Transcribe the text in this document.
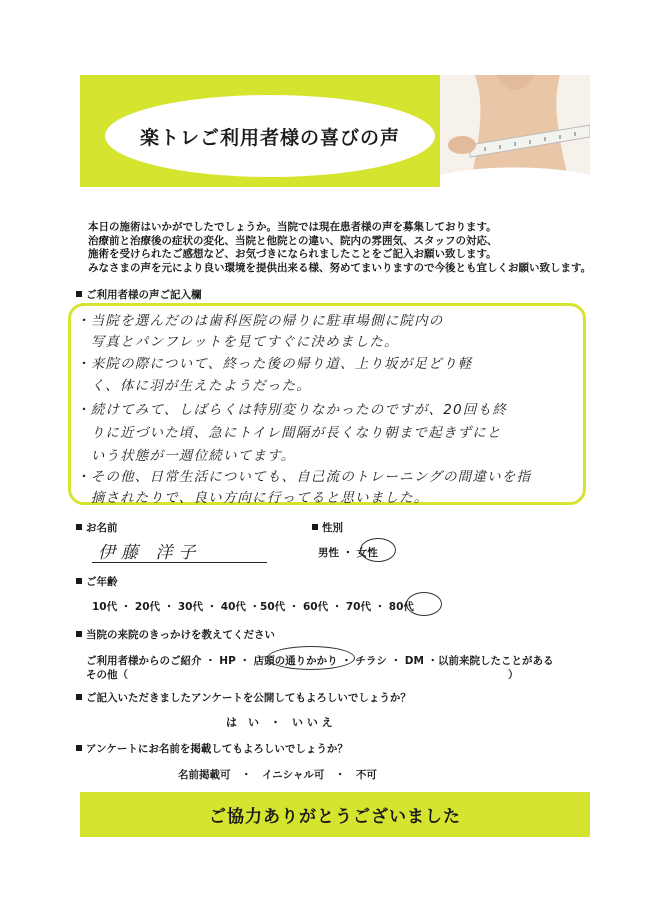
楽トレご利用者様の喜びの声
本日の施術はいかがでしたでしょうか。当院では現在患者様の声を募集しております。
治療前と治療後の症状の変化、当院と他院との違い、院内の雰囲気、スタッフの対応、
施術を受けられたご感想など、お気づきになられましたことをご記入お願い致します。
みなさまの声を元により良い環境を提供出来る様、努めてまいりますので今後とも宜しくお願い致します。
ご利用者様の声ご記入欄
・当院を選んだのは歯科医院の帰りに駐車場側に院内の
　写真とパンフレットを見てすぐに決めました。
・来院の際について、終った後の帰り道、上り坂が足どり軽
　く、体に羽が生えたようだった。
・続けてみて、しばらくは特別変りなかったのですが、20回も終
　りに近づいた頃、急にトイレ間隔が長くなり朝まで起きずにと
　いう状態が一週位続いてます。
・その他、日常生活についても、自己流のトレーニングの間違いを指
　摘されたりで、良い方向に行ってると思いました。
お名前
伊藤 洋子
性別
男性 ・ 女性
ご年齢
10代 ・ 20代 ・ 30代 ・ 40代 ・50代 ・ 60代 ・ 70代 ・ 80代
当院の来院のきっかけを教えてください
ご利用者様からのご紹介 ・ HP ・ 店頭の通りかかり ・ チラシ ・ DM ・以前来院したことがある
その他（	）
ご記入いただきましたアンケートを公開してもよろしいでしょうか？
は　い　・　い い え
アンケートにお名前を掲載してもよろしいでしょうか？
名前掲載可　・　イニシャル可　・　不可
ご協力ありがとうございました
